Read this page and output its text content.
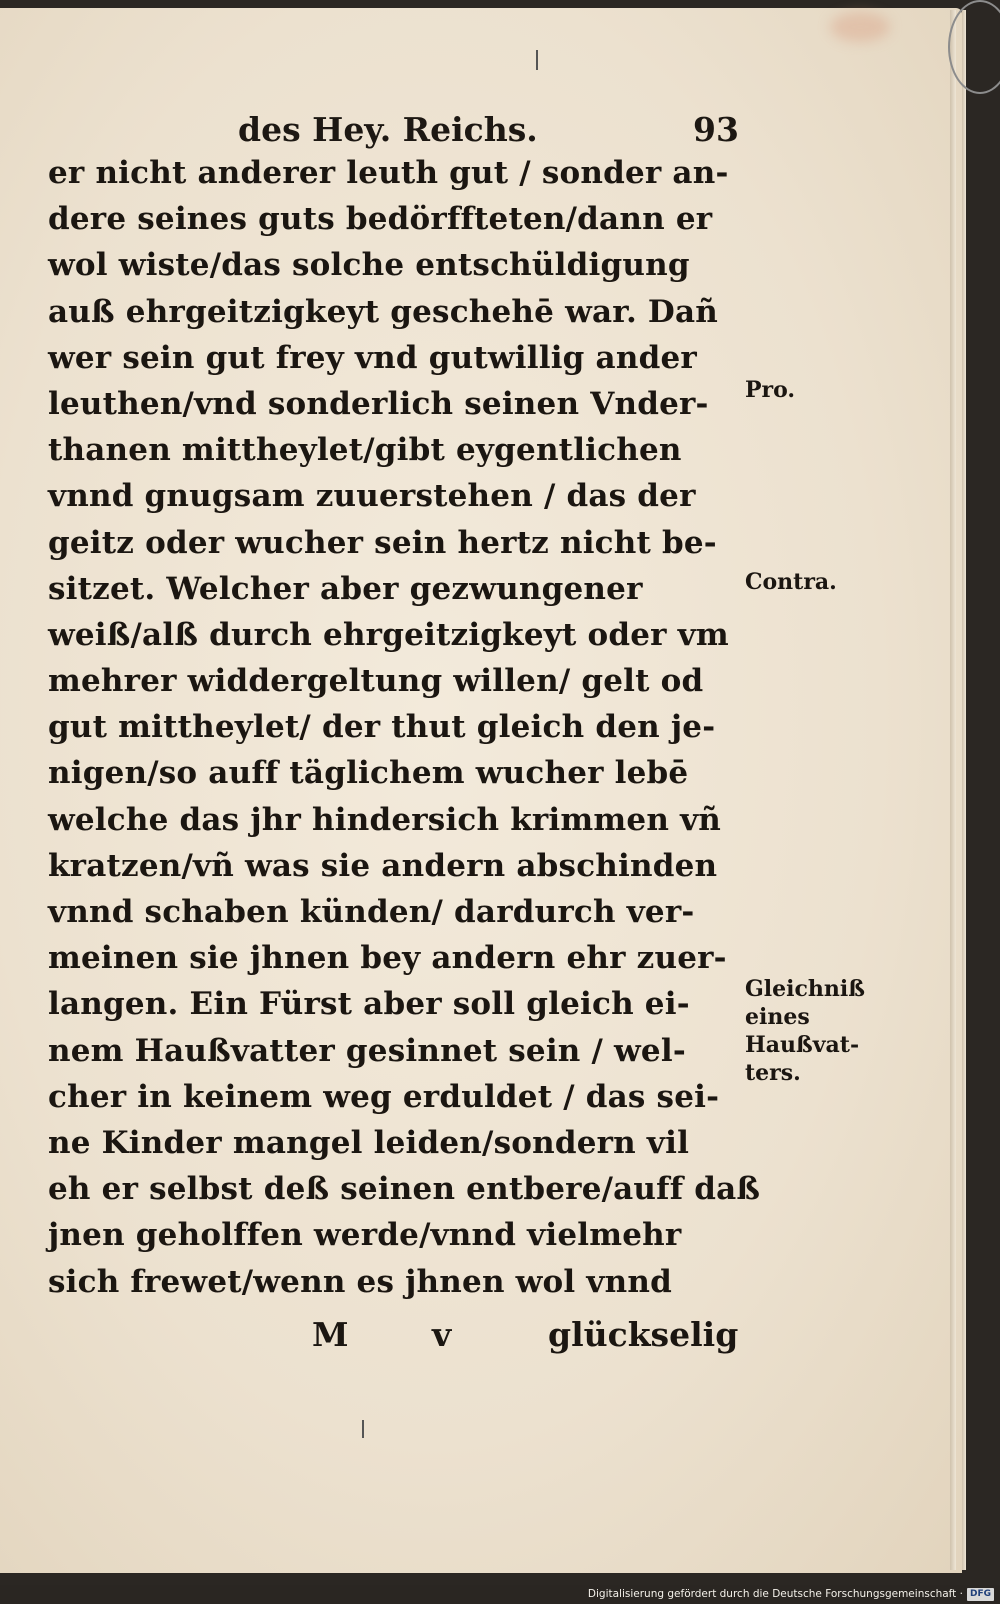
des Hey. Reichs.	93
er nicht anderer leuth gut / sonder an-
dere seines guts bedörffteten/dann er
wol wiste/das solche entschüldigung
auß ehrgeitzigkeyt geschehē war. Dañ
wer sein gut frey vnd gutwillig ander
leuthen/vnd sonderlich seinen Vnder-
thanen mittheylet/gibt eygentlichen
vnnd gnugsam zuuerstehen / das der
geitz oder wucher sein hertz nicht be-
sitzet. Welcher aber gezwungener
weiß/alß durch ehrgeitzigkeyt oder vm
mehrer widdergeltung willen/ gelt od
gut mittheylet/ der thut gleich den je-
nigen/so auff täglichem wucher lebē
welche das jhr hindersich krimmen vñ
kratzen/vñ was sie andern abschinden
vnnd schaben künden/ dardurch ver-
meinen sie jhnen bey andern ehr zuer-
langen. Ein Fürst aber soll gleich ei-
nem Haußvatter gesinnet sein / wel-
cher in keinem weg erduldet / das sei-
ne Kinder mangel leiden/sondern vil
eh er selbst deß seinen entbere/auff daß
jnen geholffen werde/vnnd vielmehr
sich frewet/wenn es jhnen wol vnnd
Pro.
Contra.
Gleichniß
eines
Haußvat-
ters.
M	v	glückselig
Digitalisierung gefördert durch die Deutsche Forschungsgemeinschaft · DFG
